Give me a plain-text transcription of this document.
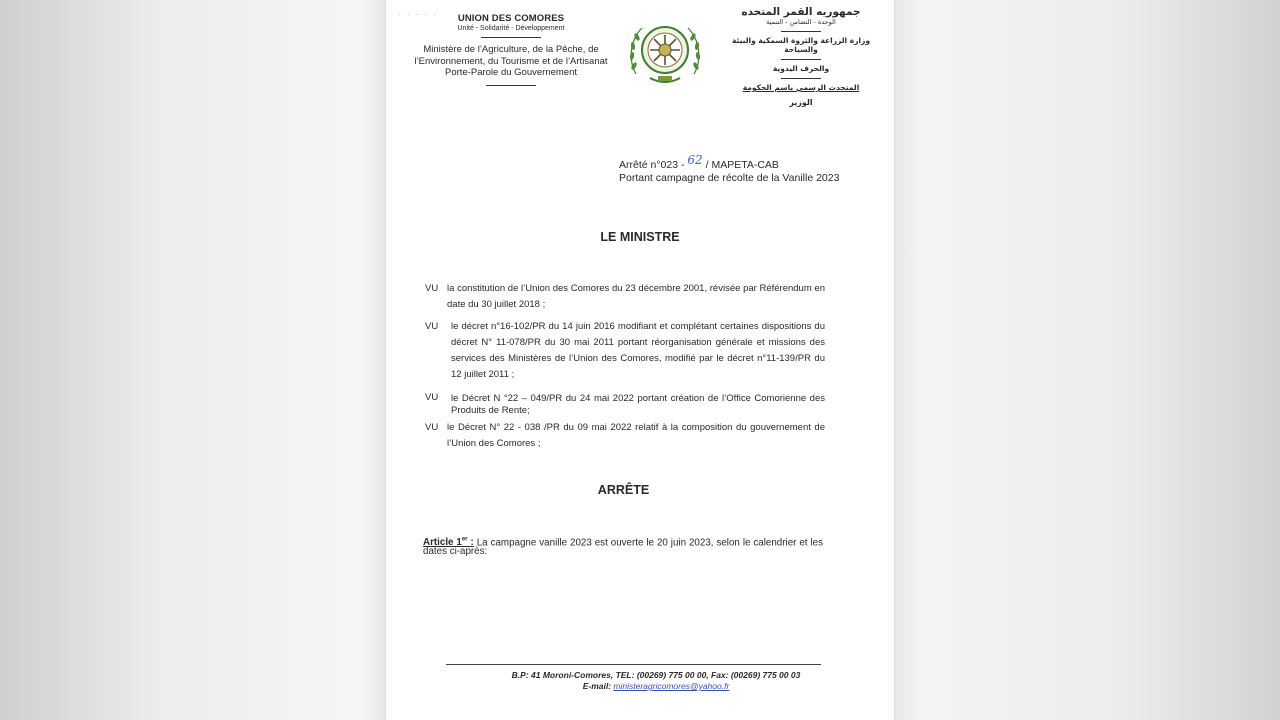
· · · · ·	UNION DES COMORES
Unité - Solidarité - Développement
Ministère de l’Agriculture, de la Pêche, de
l’Environnement, du Tourisme et de l’Artisanat
Porte-Parole du Gouvernement
جمهوريه القمر المتحده
الوحدة - التضامن - التنمية
وزارة الزراعة والثروة السمكية والبيئة والسياحة
والحرف اليدوية
المتحدث الرسمي باسم الحكومة
الوزير
Arrêté n°023 - 62 / MAPETA-CAB
Portant campagne de récolte de la Vanille 2023
LE MINISTRE
VU la constitution de l’Union des Comores du 23 décembre 2001, révisée par Référendum en date du 30 juillet 2018 ;
VU le décret n°16-102/PR du 14 juin 2016 modifiant et complétant certaines dispositions du décret N° 11-078/PR du 30 mai 2011 portant réorganisation générale et missions des services des Ministères de l’Union des Comores, modifié par le décret n°11-139/PR du 12 juillet 2011 ;
VU le Décret N °22 – 049/PR du 24 mai 2022 portant création de l’Office Comorienne des Produits de Rente;
VU le Décret N° 22 - 038 /PR du 09 mai 2022 relatif à la composition du gouvernement de l’Union des Comores ;
ARRÊTE
Article 1er : La campagne vanille 2023 est ouverte le 20 juin 2023, selon le calendrier et les dates ci-après:
B.P: 41 Moroni-Comores, TEL: (00269) 775 00 00, Fax: (00269) 775 00 03
E-mail: ministeragricomores@yahoo.fr
